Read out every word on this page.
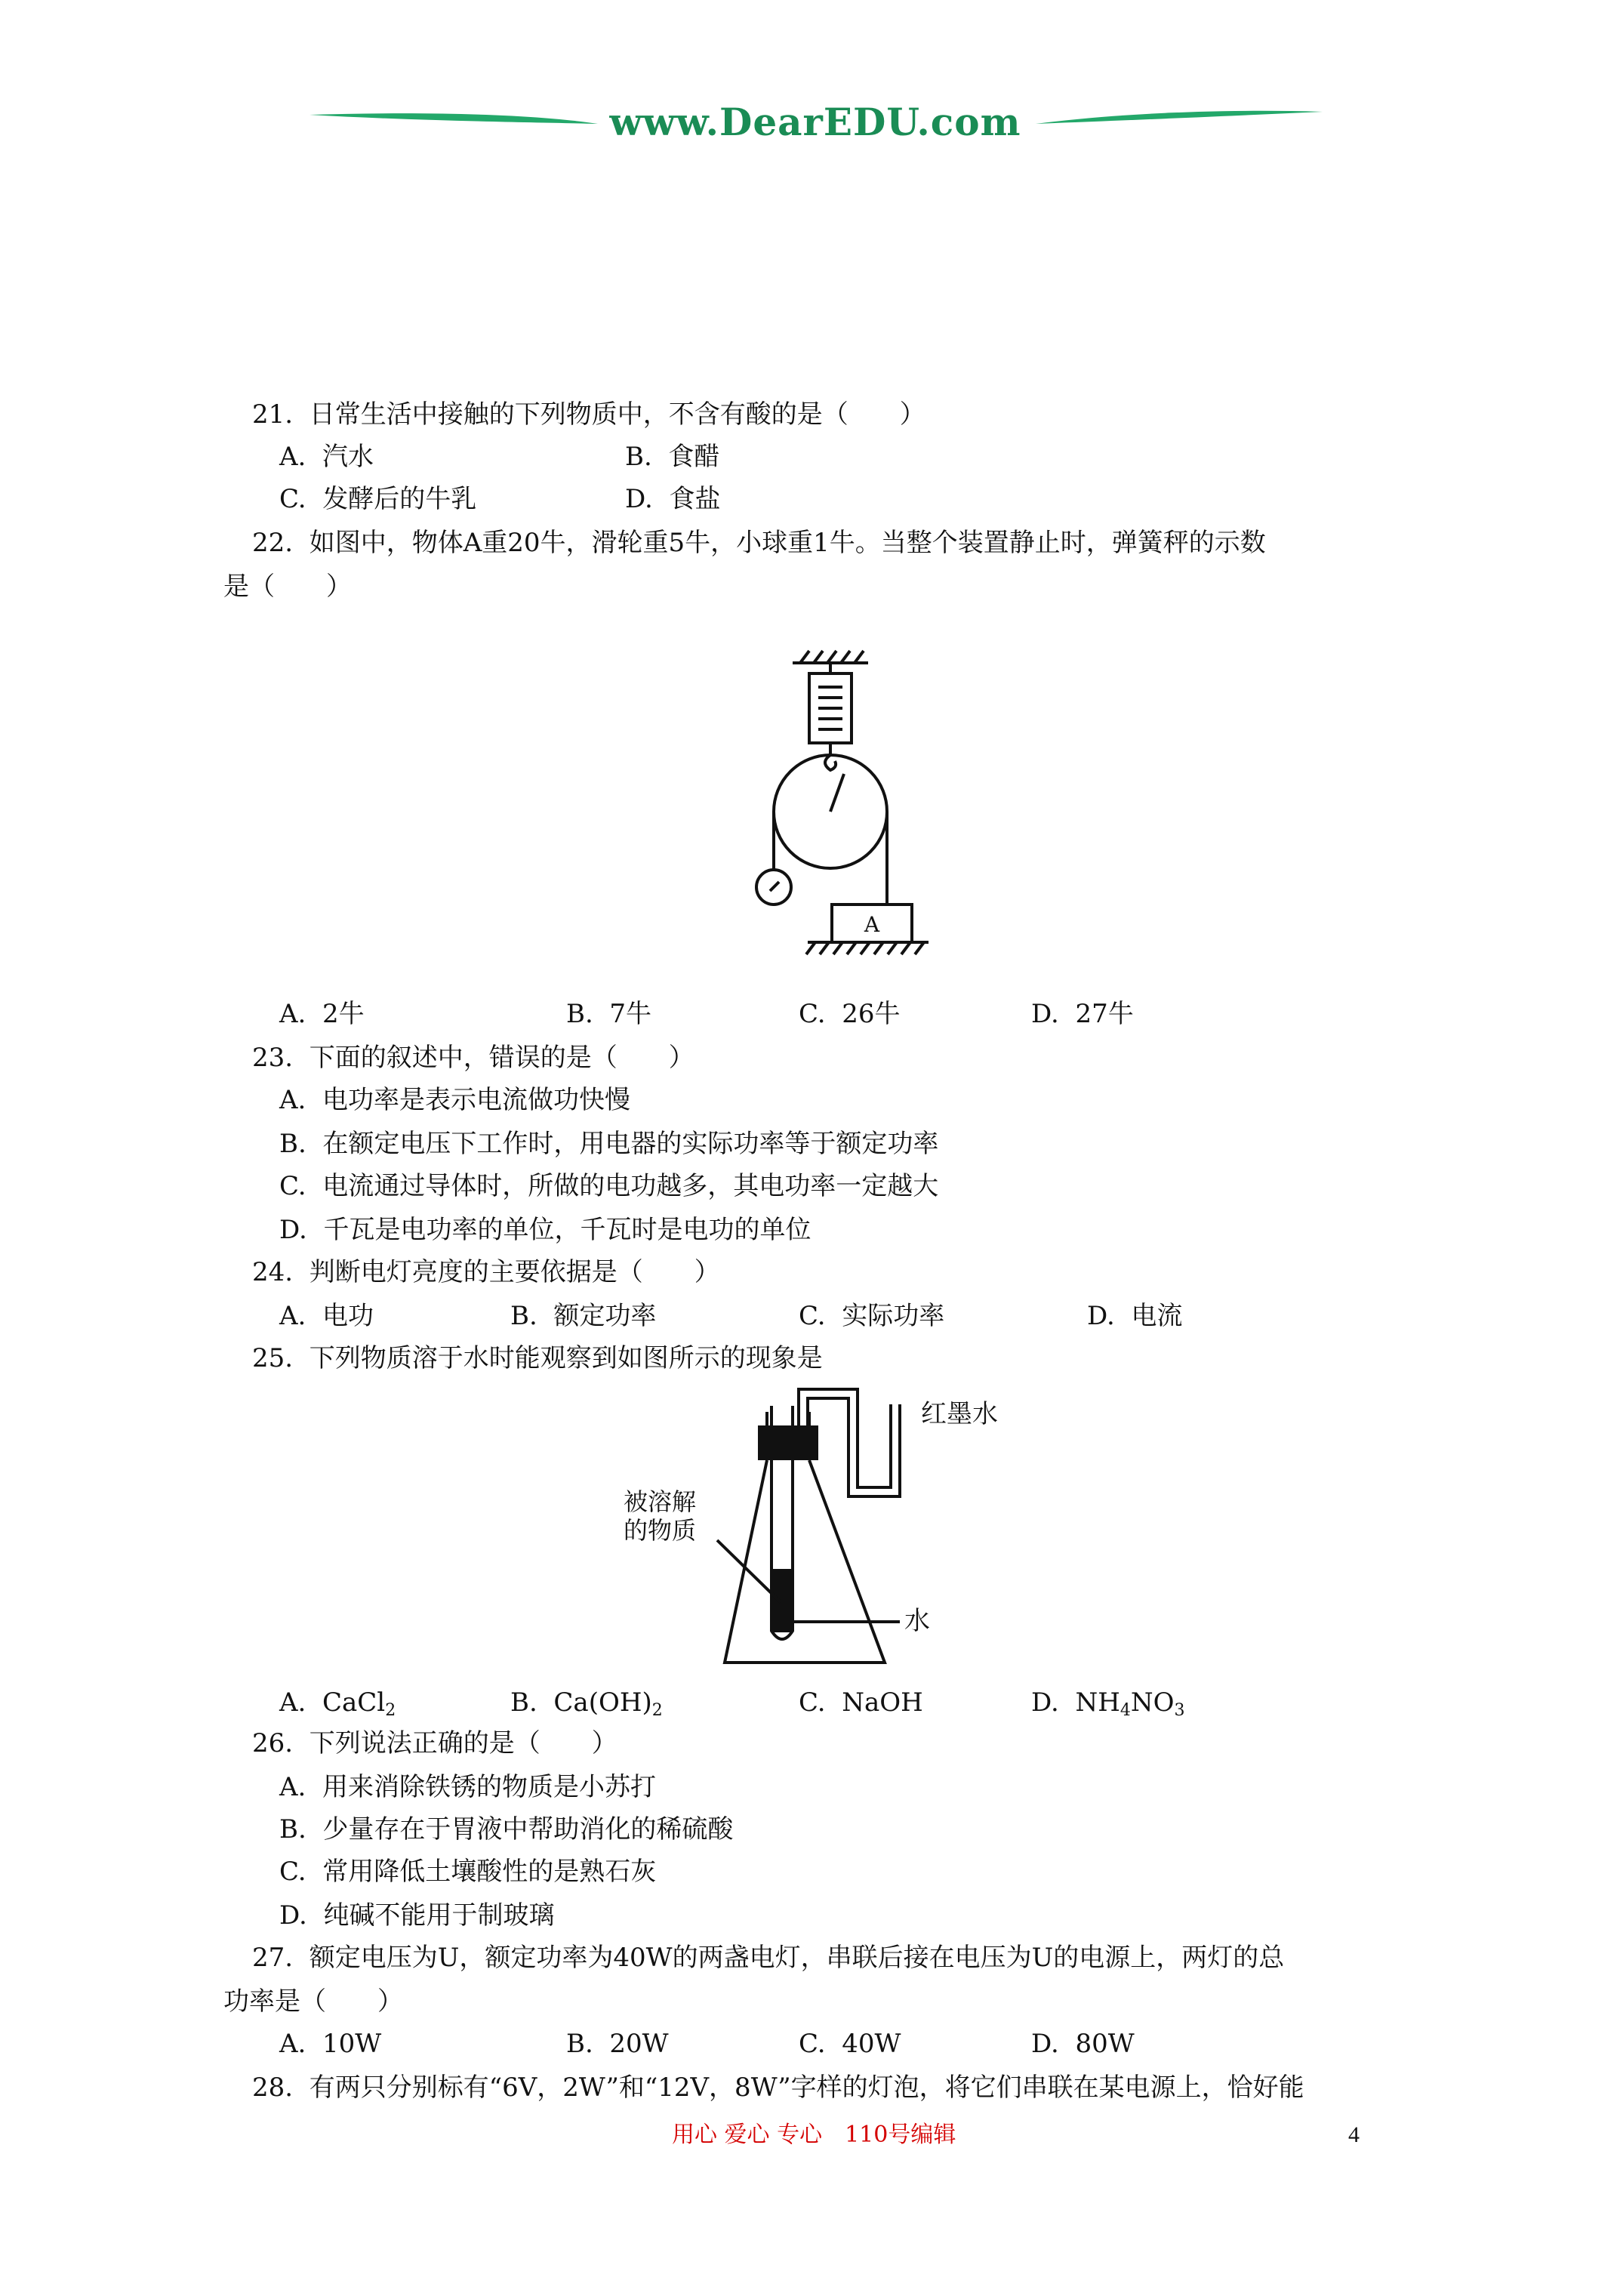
www.DearEDU.com
21. 日常生活中接触的下列物质中，不含有酸的是（　　）
A. 汽水	B. 食醋
C. 发酵后的牛乳	D. 食盐
22. 如图中，物体A重20牛，滑轮重5牛，小球重1牛。当整个装置静止时，弹簧秤的示数
是（　　）
A
A. 2牛	B. 7牛	C. 26牛	D. 27牛
23. 下面的叙述中，错误的是（　　）
A. 电功率是表示电流做功快慢
B. 在额定电压下工作时，用电器的实际功率等于额定功率
C. 电流通过导体时，所做的电功越多，其电功率一定越大
D. 千瓦是电功率的单位，千瓦时是电功的单位
24. 判断电灯亮度的主要依据是（　　）
A. 电功	B. 额定功率	C. 实际功率	D. 电流
25. 下列物质溶于水时能观察到如图所示的现象是
红墨水
被溶解
的物质
水
A. CaCl$_2$	B. $Ca(OH)_2$	C. NaOH	D. $NH_4NO_3$
26. 下列说法正确的是（　　）
A. 用来消除铁锈的物质是小苏打
B. 少量存在于胃液中帮助消化的稀硫酸
C. 常用降低土壤酸性的是熟石灰
D. 纯碱不能用于制玻璃
27. 额定电压为U，额定功率为40W的两盏电灯，串联后接在电压为U的电源上，两灯的总
功率是（　　）
A. 10W	B. 20W	C. 40W	D. 80W
28. 有两只分别标有“6V，2W”和“12V，8W”字样的灯泡，将它们串联在某电源上，恰好能
用心 爱心 专心　110号编辑	4
